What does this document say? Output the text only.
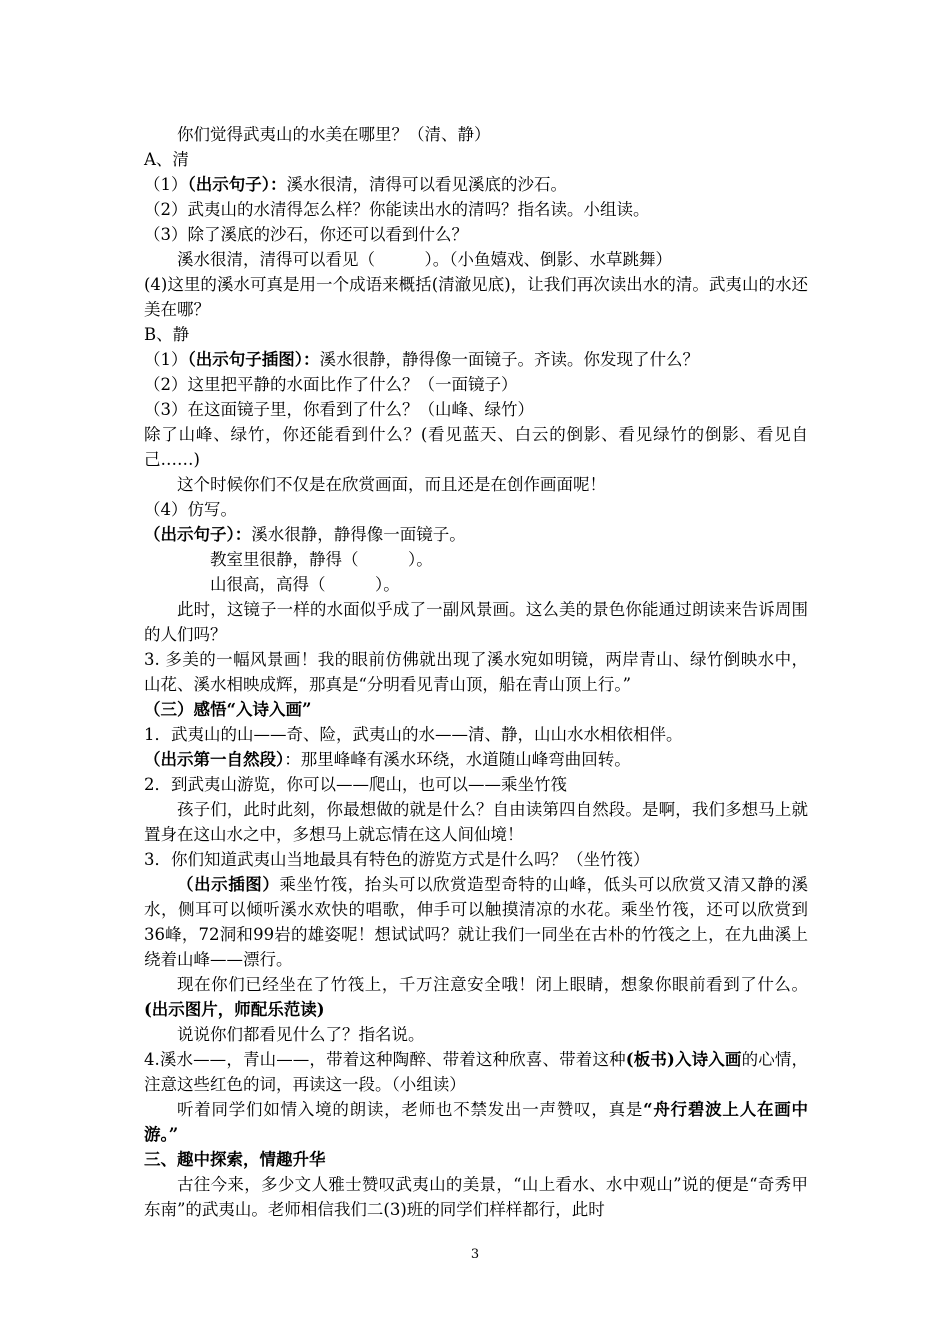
你们觉得武夷山的水美在哪里？（清、静）

A、清

（1）（出示句子）：溪水很清，清得可以看见溪底的沙石。

（2）武夷山的水清得怎么样？你能读出水的清吗？指名读。小组读。

（3）除了溪底的沙石，你还可以看到什么？

溪水很清，清得可以看见（　　　）。（小鱼嬉戏、倒影、水草跳舞）

(4)这里的溪水可真是用一个成语来概括(清澈见底)，让我们再次读出水的清。武夷山的水还美在哪？

B、静

（1）（出示句子插图）：溪水很静，静得像一面镜子。齐读。你发现了什么？

（2）这里把平静的水面比作了什么？（一面镜子）

（3）在这面镜子里，你看到了什么？（山峰、绿竹）

除了山峰、绿竹，你还能看到什么？(看见蓝天、白云的倒影、看见绿竹的倒影、看见自己……)

这个时候你们不仅是在欣赏画面，而且还是在创作画面呢！

（4）仿写。

（出示句子）：溪水很静，静得像一面镜子。

教室里很静，静得（　　　）。

山很高，高得（　　　）。

此时，这镜子一样的水面似乎成了一副风景画。这么美的景色你能通过朗读来告诉周围的人们吗？

3. 多美的一幅风景画！我的眼前仿佛就出现了溪水宛如明镜，两岸青山、绿竹倒映水中，山花、溪水相映成辉，那真是“分明看见青山顶，船在青山顶上行。”

（三）感悟“入诗入画”

1．武夷山的山——奇、险，武夷山的水——清、静，山山水水相依相伴。

（出示第一自然段）：那里峰峰有溪水环绕，水道随山峰弯曲回转。

2．到武夷山游览，你可以——爬山，也可以——乘坐竹筏

孩子们，此时此刻，你最想做的就是什么？自由读第四自然段。是啊，我们多想马上就置身在这山水之中，多想马上就忘情在这人间仙境！

3．你们知道武夷山当地最具有特色的游览方式是什么吗？（坐竹筏）

（出示插图）乘坐竹筏，抬头可以欣赏造型奇特的山峰，低头可以欣赏又清又静的溪水，侧耳可以倾听溪水欢快的唱歌，伸手可以触摸清凉的水花。乘坐竹筏，还可以欣赏到36峰，72洞和99岩的雄姿呢！想试试吗？就让我们一同坐在古朴的竹筏之上，在九曲溪上绕着山峰——漂行。

现在你们已经坐在了竹筏上，千万注意安全哦！闭上眼睛，想象你眼前看到了什么。(出示图片，师配乐范读)

说说你们都看见什么了？指名说。

4.溪水——，青山——，带着这种陶醉、带着这种欣喜、带着这种(板书)入诗入画的心情，注意这些红色的词，再读这一段。（小组读）

听着同学们如情入境的朗读，老师也不禁发出一声赞叹，真是“舟行碧波上人在画中游。”

三、趣中探索，情趣升华

古往今来，多少文人雅士赞叹武夷山的美景，“山上看水、水中观山”说的便是“奇秀甲东南”的武夷山。老师相信我们二(3)班的同学们样样都行，此时

3
